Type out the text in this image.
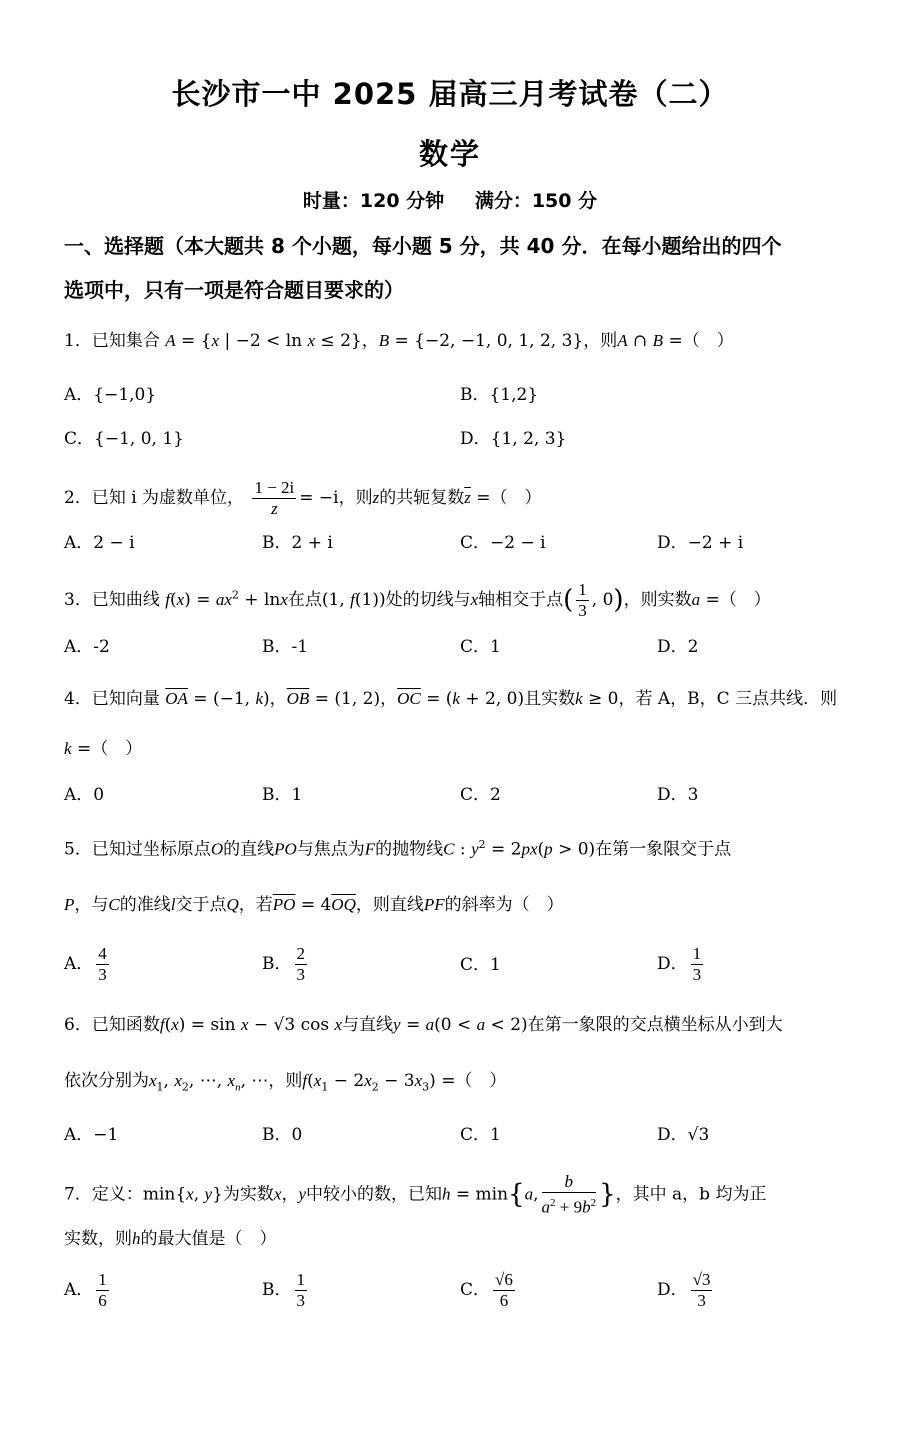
长沙市一中 2025 届高三月考试卷（二）
数学
时量：120 分钟 满分：150 分
一、选择题（本大题共 8 个小题，每小题 5 分，共 40 分．在每小题给出的四个
选项中，只有一项是符合题目要求的）
1．已知集合 A = {x | −2 < ln x ≤ 2}，B = {−2, −1, 0, 1, 2, 3}，则A ∩ B =（　）
A．{−1,0}	B．{1,2}
C．{−1, 0, 1}	D．{1, 2, 3}
2．已知 i 为虚数单位， $\frac{1 - 2i}{z} = -i$，则z的共轭复数$\overline{z}$ =（　）
A．2 − i	B．2 + i	C．−2 − i	D．−2 + i
3．已知曲线 $f(x) = ax^2 + \ln x$在点(1, f(1))处的切线与x轴相交于点( $\frac{1}{3}$ , 0)，则实数a =（　）
A．-2	B．-1	C．1	D．2
4．已知向量 $\overline{OA} = (-1$, k)，$\overline{OB} = (1$, 2)，$\overline{OC} = (k + 2$, 0)且实数k ≥ 0，若 A，B，C 三点共线．则
k =（　）
A．0	B．1	C．2	D．3
5．已知过坐标原点O的直线PO与焦点为F的抛物线C : $y^2 = 2px(p > 0)$在第一象限交于点
P，与C的准线l交于点Q，若$\overline{PO} = 4\overline{OQ}$，则直线PF的斜率为（　）
A． $\frac{4}{3}$	B． $\frac{2}{3}$	C．1	D． $\frac{1}{3}$
6．已知函数f(x) = sin x − √3 cos x与直线y = a(0 < a < 2)在第一象限的交点横坐标从小到大
依次分别为$x_1$, $x_2$, ⋯, $x_n$, ⋯，则$f(x_1 - 2x_2 - 3x_3)$ =（　）
A．−1	B．0	C．1	D．√3
7．定义：min{x, y}为实数x，y中较小的数，已知h = min{a, $\frac{b}{a^2 + 9b^2}$ }，其中 a，b 均为正
实数，则h的最大值是（　）
A． $\frac{1}{6}$	B． $\frac{1}{3}$	C． $\frac{√6}{6}$	D． $\frac{√3}{3}$
